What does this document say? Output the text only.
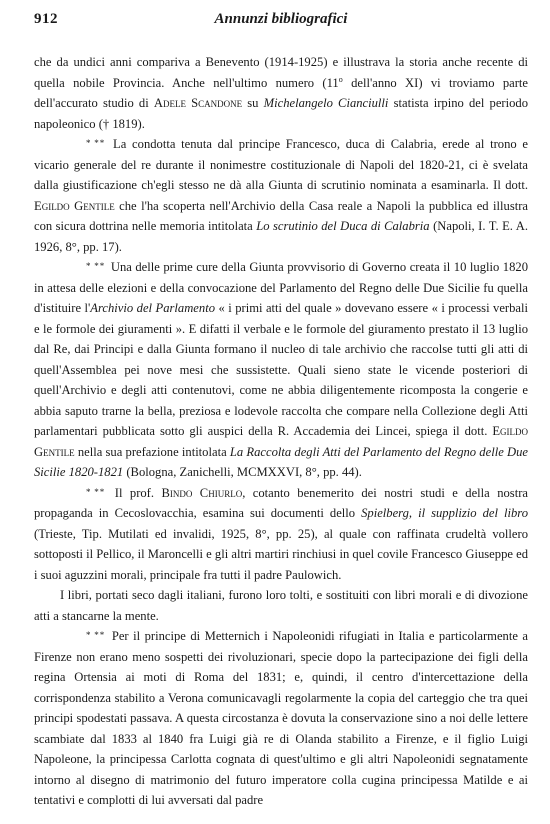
912	Annunzi bibliografici

che da undici anni compariva a Benevento (1914-1925) e illustrava la storia anche recente di quella nobile Provincia. Anche nell'ultimo numero (11$^o$ dell'anno XI) vi troviamo parte dell'accurato studio di Adele Scandone su Michelangelo Cianciulli statista irpino del periodo napoleonico († 1819).

* ** La condotta tenuta dal principe Francesco, duca di Calabria, erede al trono e vicario generale del re durante il nonimestre costituzionale di Napoli del 1820-21, ci è svelata dalla giustificazione ch'egli stesso ne dà alla Giunta di scrutinio nominata a esaminarla. Il dott. Egildo Gentile che l'ha scoperta nell'Archivio della Casa reale a Napoli la pubblica ed illustra con sicura dottrina nelle memoria intitolata Lo scrutinio del Duca di Calabria (Napoli, I. T. E. A. 1926, 8°, pp. 17).

* ** Una delle prime cure della Giunta provvisorio di Governo creata il 10 luglio 1820 in attesa delle elezioni e della convocazione del Parlamento del Regno delle Due Sicilie fu quella d'istituire l'Archivio del Parlamento « i primi atti del quale » dovevano essere « i processi verbali e le formole dei giuramenti ». E difatti il verbale e le formole del giuramento prestato il 13 luglio dal Re, dai Principi e dalla Giunta formano il nucleo di tale archivio che raccolse tutti gli atti di quell'Assemblea pei nove mesi che sussistette. Quali sieno state le vicende posteriori di quell'Archivio e degli atti contenutovi, come ne abbia diligentemente ricomposta la congerie e abbia saputo trarne la bella, preziosa e lodevole raccolta che compare nella Collezione degli Atti parlamentari pubblicata sotto gli auspici della R. Accademia dei Lincei, spiega il dott. Egildo Gentile nella sua prefazione intitolata La Raccolta degli Atti del Parlamento del Regno delle Due Sicilie 1820-1821 (Bologna, Zanichelli, MCMXXVI, 8°, pp. 44).

* ** Il prof. Bindo Chiurlo, cotanto benemerito dei nostri studi e della nostra propaganda in Cecoslovacchia, esamina sui documenti dello Spielberg, il supplizio del libro (Trieste, Tip. Mutilati ed invalidi, 1925, 8°, pp. 25), al quale con raffinata crudeltà vollero sottoposti il Pellico, il Maroncelli e gli altri martiri rinchiusi in quel covile Francesco Giuseppe ed i suoi aguzzini morali, principale fra tutti il padre Paulowich.

I libri, portati seco dagli italiani, furono loro tolti, e sostituiti con libri morali e di divozione atti a stancarne la mente.

* ** Per il principe di Metternich i Napoleonidi rifugiati in Italia e particolarmente a Firenze non erano meno sospetti dei rivoluzionari, specie dopo la partecipazione dei figli della regina Ortensia ai moti di Roma del 1831; e, quindi, il centro d'intercettazione della corrispondenza stabilito a Verona comunicavagli regolarmente la copia del carteggio che tra quei principi spodestati passava. A questa circostanza è dovuta la conservazione sino a noi delle lettere scambiate dal 1833 al 1840 fra Luigi già re di Olanda stabilito a Firenze, e il figlio Luigi Napoleone, la principessa Carlotta cognata di quest'ultimo e gli altri Napoleonidi segnatamente intorno al disegno di matrimonio del futuro imperatore colla cugina principessa Matilde e ai tentativi e complotti di lui avversati dal padre
